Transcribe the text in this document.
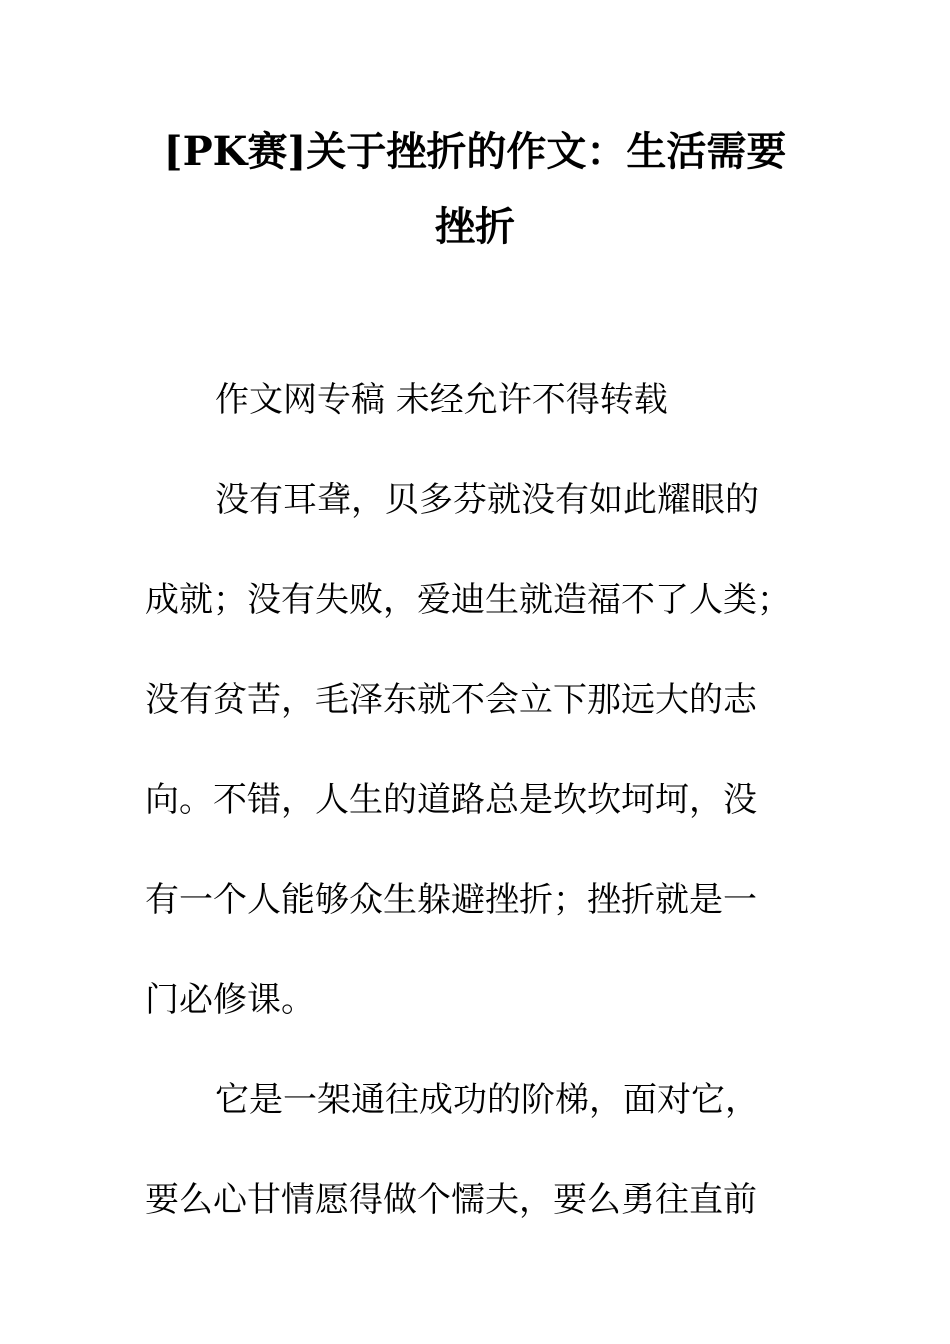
[PK赛]关于挫折的作文：生活需要
挫折
作文网专稿 未经允许不得转载
没有耳聋，贝多芬就没有如此耀眼的
成就；没有失败，爱迪生就造福不了人类；
没有贫苦，毛泽东就不会立下那远大的志
向。不错，人生的道路总是坎坎坷坷，没
有一个人能够众生躲避挫折；挫折就是一
门必修课。
它是一架通往成功的阶梯，面对它，
要么心甘情愿得做个懦夫，要么勇往直前
